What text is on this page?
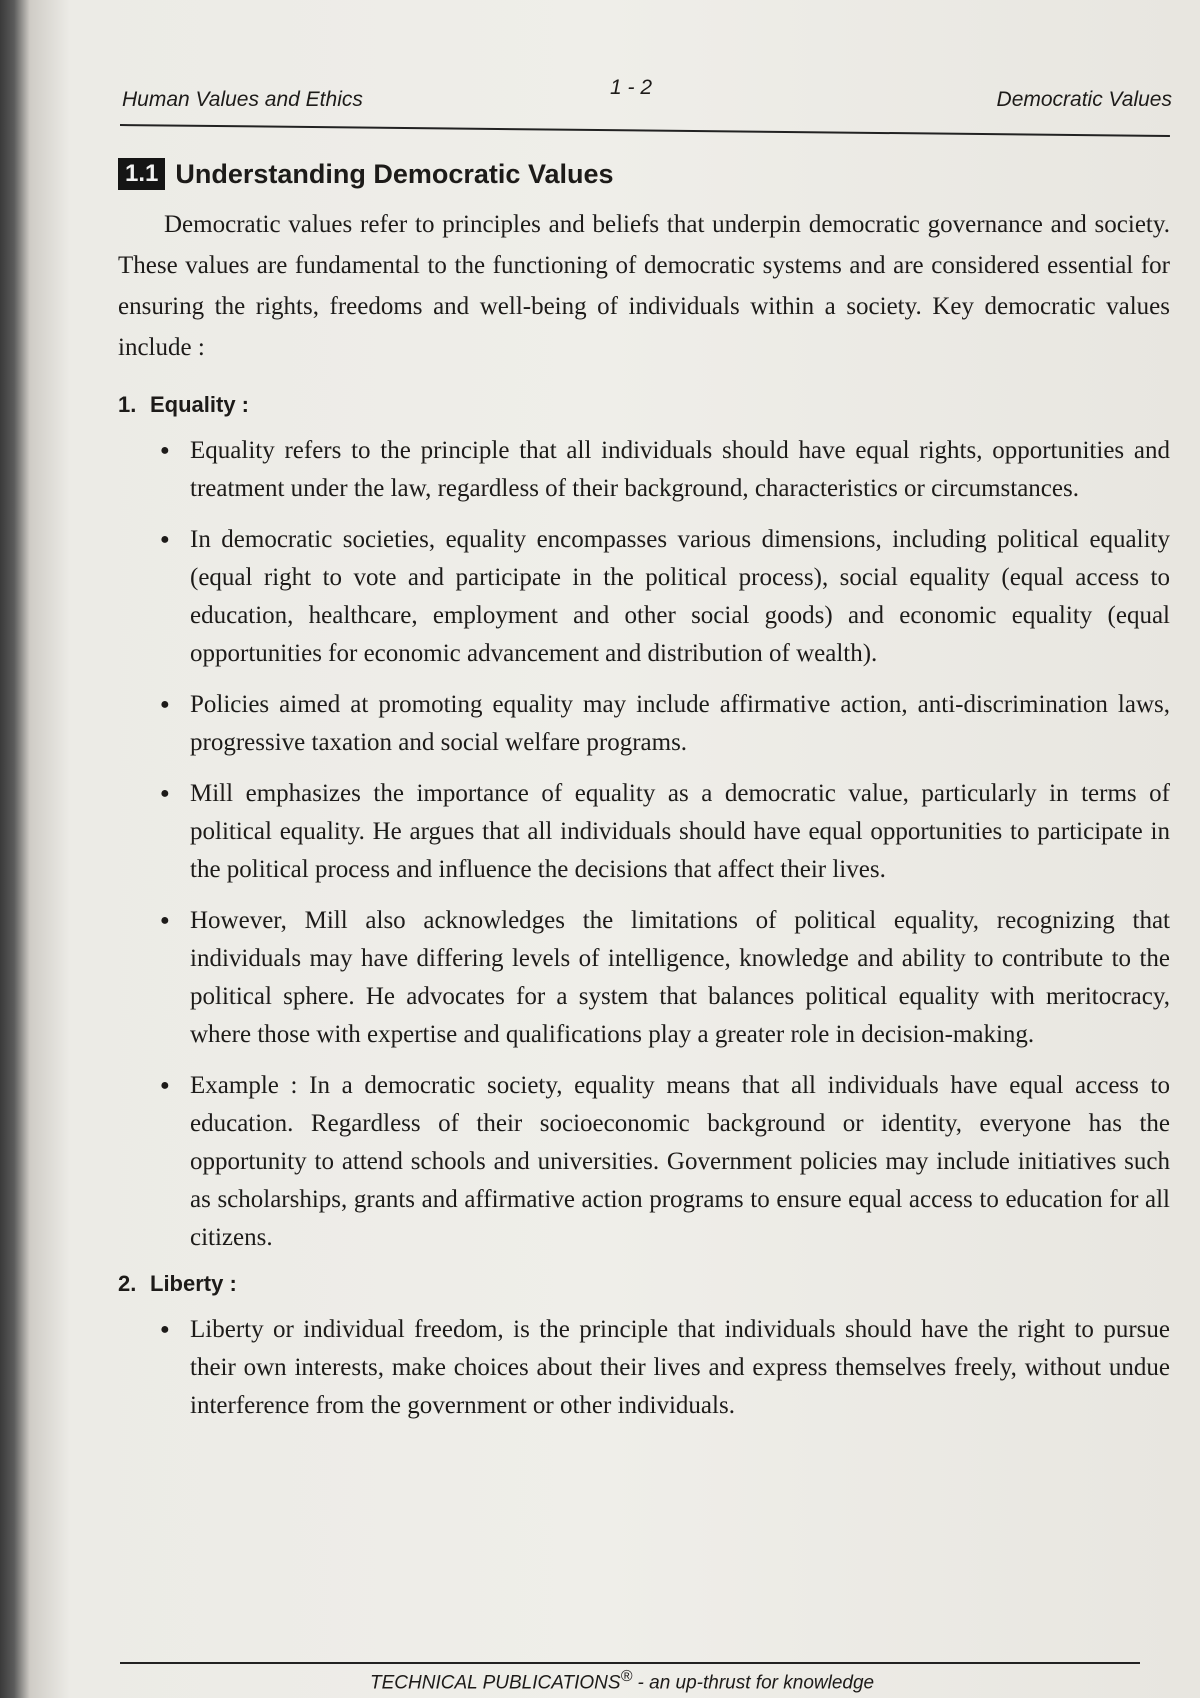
Human Values and Ethics
1 - 2
Democratic Values
1.1 Understanding Democratic Values

Democratic values refer to principles and beliefs that underpin democratic governance and society. These values are fundamental to the functioning of democratic systems and are considered essential for ensuring the rights, freedoms and well-being of individuals within a society. Key democratic values include :

1. Equality :
● Equality refers to the principle that all individuals should have equal rights, opportunities and treatment under the law, regardless of their background, characteristics or circumstances.
● In democratic societies, equality encompasses various dimensions, including political equality (equal right to vote and participate in the political process), social equality (equal access to education, healthcare, employment and other social goods) and economic equality (equal opportunities for economic advancement and distribution of wealth).
● Policies aimed at promoting equality may include affirmative action, anti-discrimination laws, progressive taxation and social welfare programs.
● Mill emphasizes the importance of equality as a democratic value, particularly in terms of political equality. He argues that all individuals should have equal opportunities to participate in the political process and influence the decisions that affect their lives.
● However, Mill also acknowledges the limitations of political equality, recognizing that individuals may have differing levels of intelligence, knowledge and ability to contribute to the political sphere. He advocates for a system that balances political equality with meritocracy, where those with expertise and qualifications play a greater role in decision-making.
● Example : In a democratic society, equality means that all individuals have equal access to education. Regardless of their socioeconomic background or identity, everyone has the opportunity to attend schools and universities. Government policies may include initiatives such as scholarships, grants and affirmative action programs to ensure equal access to education for all citizens.
2. Liberty :
● Liberty or individual freedom, is the principle that individuals should have the right to pursue their own interests, make choices about their lives and express themselves freely, without undue interference from the government or other individuals.
TECHNICAL PUBLICATIONS® - an up-thrust for knowledge
